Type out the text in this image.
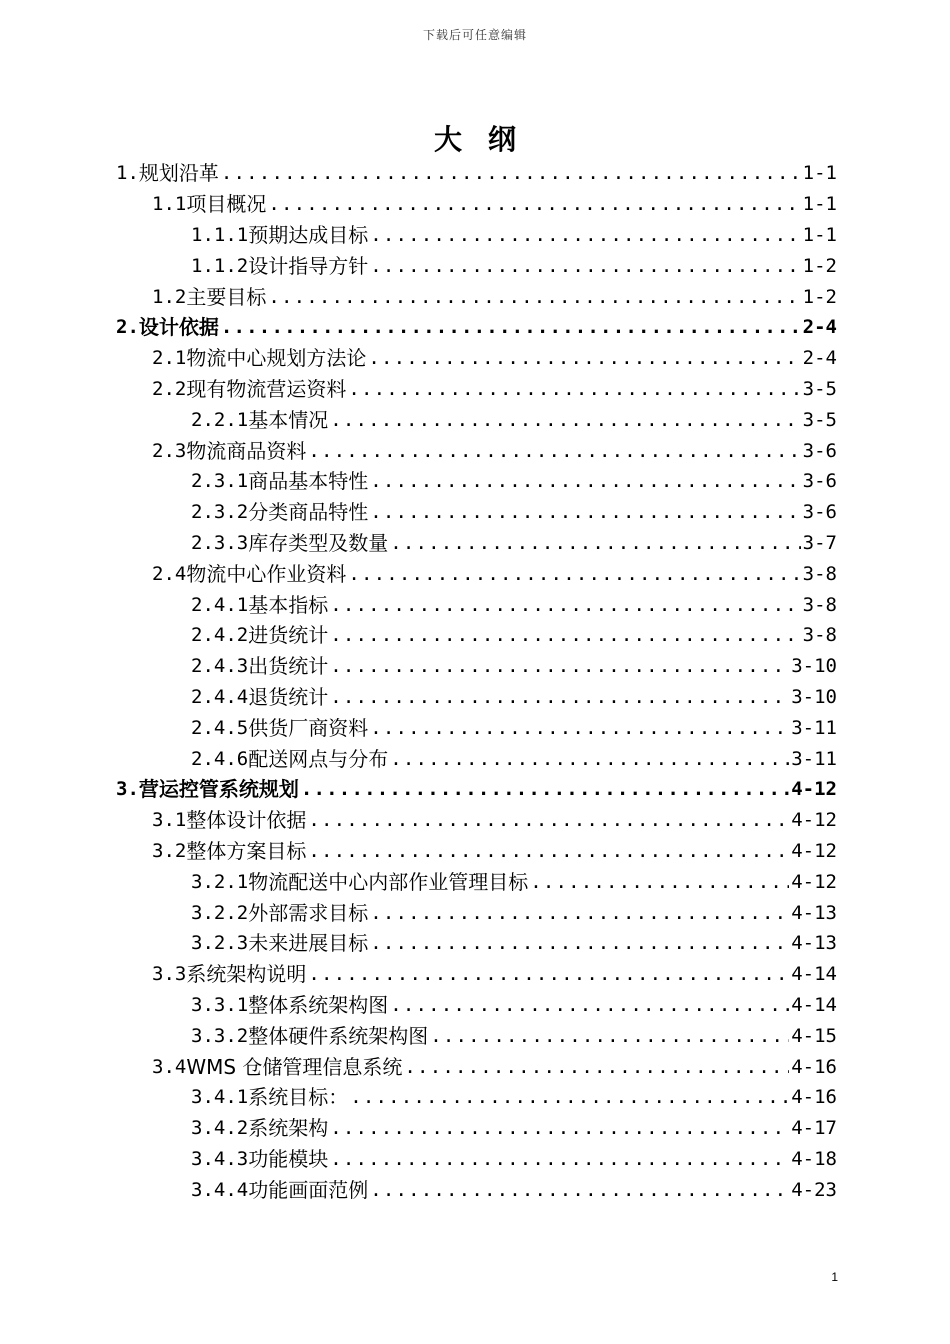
下载后可任意编辑
大纲
1. 规划沿革 .....	1-1
1.1 项目概况 .....	1-1
1.1.1 预期达成目标 .....	1-1
1.1.2 设计指导方针 .....	1-2
1.2 主要目标 .....	1-2
2. 设计依据 .....	2-4
2.1 物流中心规划方法论 .....	2-4
2.2 现有物流营运资料 .....	3-5
2.2.1 基本情况 .....	3-5
2.3 物流商品资料 .....	3-6
2.3.1 商品基本特性 .....	3-6
2.3.2 分类商品特性 .....	3-6
2.3.3 库存类型及数量 .....	3-7
2.4 物流中心作业资料 .....	3-8
2.4.1 基本指标 .....	3-8
2.4.2 进货统计 .....	3-8
2.4.3 出货统计 .....	3-10
2.4.4 退货统计 .....	3-10
2.4.5 供货厂商资料 .....	3-11
2.4.6 配送网点与分布 .....	3-11
3. 营运控管系统规划 .....	4-12
3.1 整体设计依据 .....	4-12
3.2 整体方案目标 .....	4-12
3.2.1 物流配送中心内部作业管理目标 .....	4-12
3.2.2 外部需求目标 .....	4-13
3.2.3 未来进展目标 .....	4-13
3.3 系统架构说明 .....	4-14
3.3.1 整体系统架构图 .....	4-14
3.3.2 整体硬件系统架构图 .....	4-15
3.4 WMS 仓储管理信息系统 .....	4-16
3.4.1 系统目标： .....	4-16
3.4.2 系统架构 .....	4-17
3.4.3 功能模块 .....	4-18
3.4.4 功能画面范例 .....	4-23
1
